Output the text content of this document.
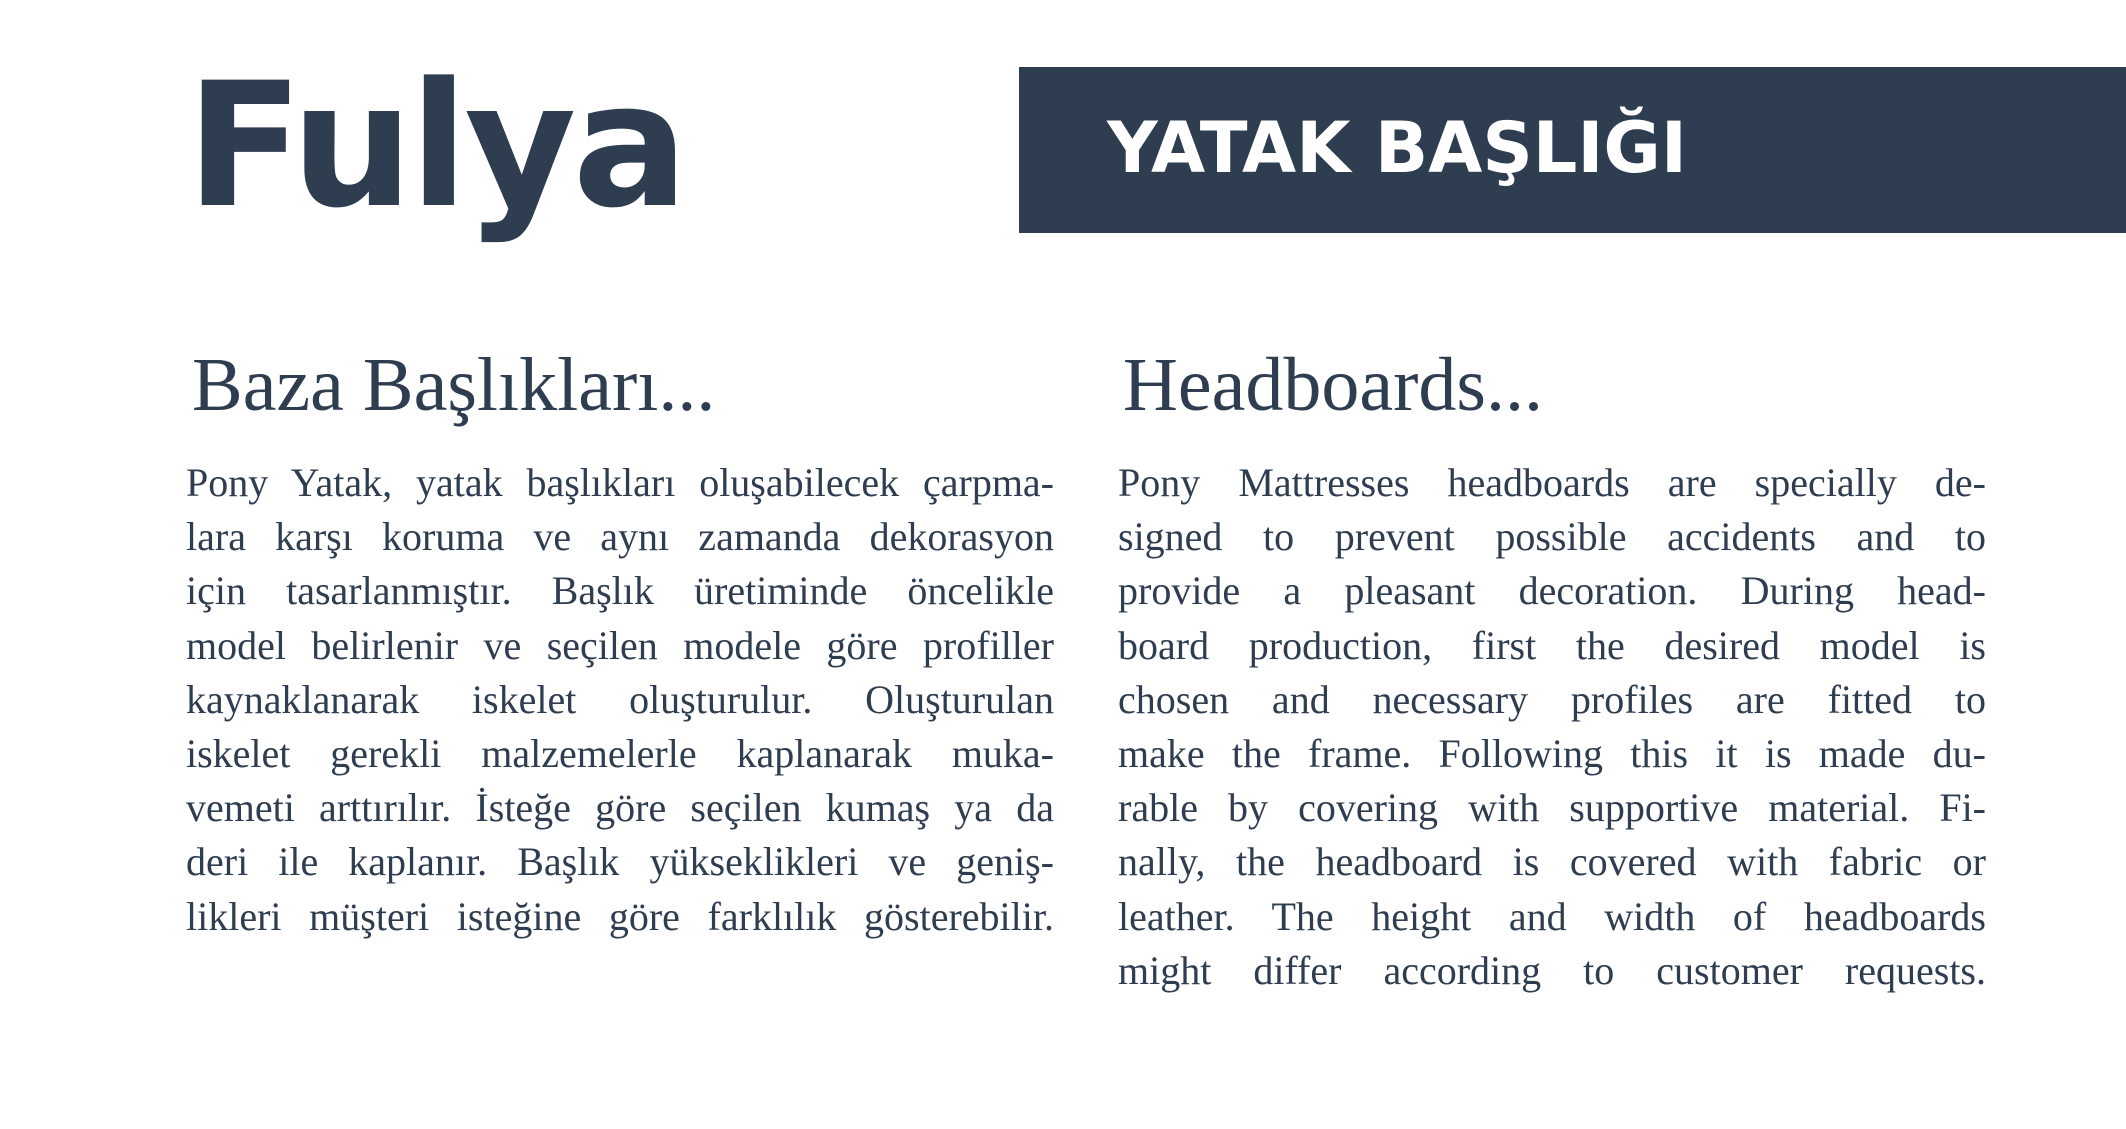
Fulya	YATAK BAŞLIĞI
Baza Başlıkları...

Pony Yatak, yatak başlıkları oluşabilecek çarpma-
lara karşı koruma ve aynı zamanda dekorasyon
için tasarlanmıştır. Başlık üretiminde öncelikle
model belirlenir ve seçilen modele göre profiller
kaynaklanarak iskelet oluşturulur. Oluşturulan
iskelet gerekli malzemelerle kaplanarak muka-
vemeti arttırılır. İsteğe göre seçilen kumaş ya da
deri ile kaplanır. Başlık yükseklikleri ve geniş-
likleri müşteri isteğine göre farklılık gösterebilir.

Headboards...

Pony Mattresses headboards are specially de-
signed to prevent possible accidents and to
provide a pleasant decoration. During head-
board production, first the desired model is
chosen and necessary profiles are fitted to
make the frame. Following this it is made du-
rable by covering with supportive material. Fi-
nally, the headboard is covered with fabric or
leather. The height and width of headboards
might differ according to customer requests.
